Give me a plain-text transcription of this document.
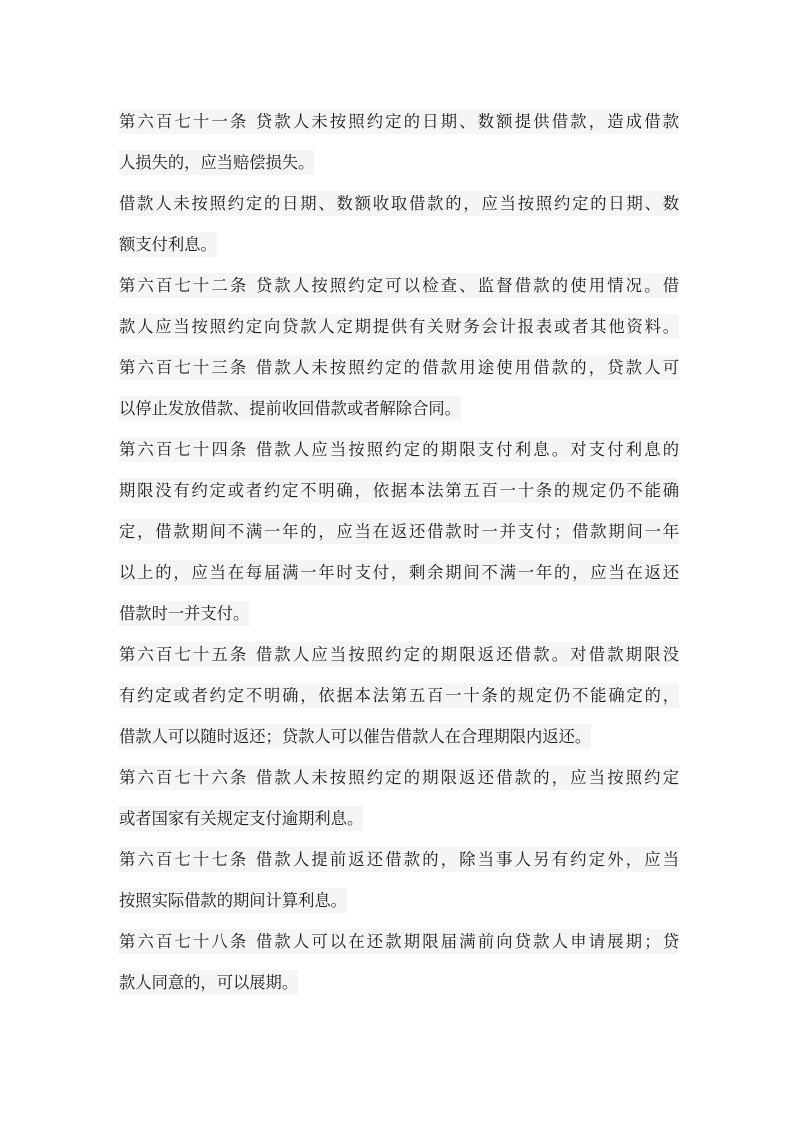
第六百七十一条 贷款人未按照约定的日期、数额提供借款，造成借款
人损失的，应当赔偿损失。
借款人未按照约定的日期、数额收取借款的，应当按照约定的日期、数
额支付利息。
第六百七十二条 贷款人按照约定可以检查、监督借款的使用情况。借
款人应当按照约定向贷款人定期提供有关财务会计报表或者其他资料。
第六百七十三条 借款人未按照约定的借款用途使用借款的，贷款人可
以停止发放借款、提前收回借款或者解除合同。
第六百七十四条 借款人应当按照约定的期限支付利息。对支付利息的
期限没有约定或者约定不明确，依据本法第五百一十条的规定仍不能确
定，借款期间不满一年的，应当在返还借款时一并支付；借款期间一年
以上的，应当在每届满一年时支付，剩余期间不满一年的，应当在返还
借款时一并支付。
第六百七十五条 借款人应当按照约定的期限返还借款。对借款期限没
有约定或者约定不明确，依据本法第五百一十条的规定仍不能确定的，
借款人可以随时返还；贷款人可以催告借款人在合理期限内返还。
第六百七十六条 借款人未按照约定的期限返还借款的，应当按照约定
或者国家有关规定支付逾期利息。
第六百七十七条 借款人提前返还借款的，除当事人另有约定外，应当
按照实际借款的期间计算利息。
第六百七十八条 借款人可以在还款期限届满前向贷款人申请展期；贷
款人同意的，可以展期。
